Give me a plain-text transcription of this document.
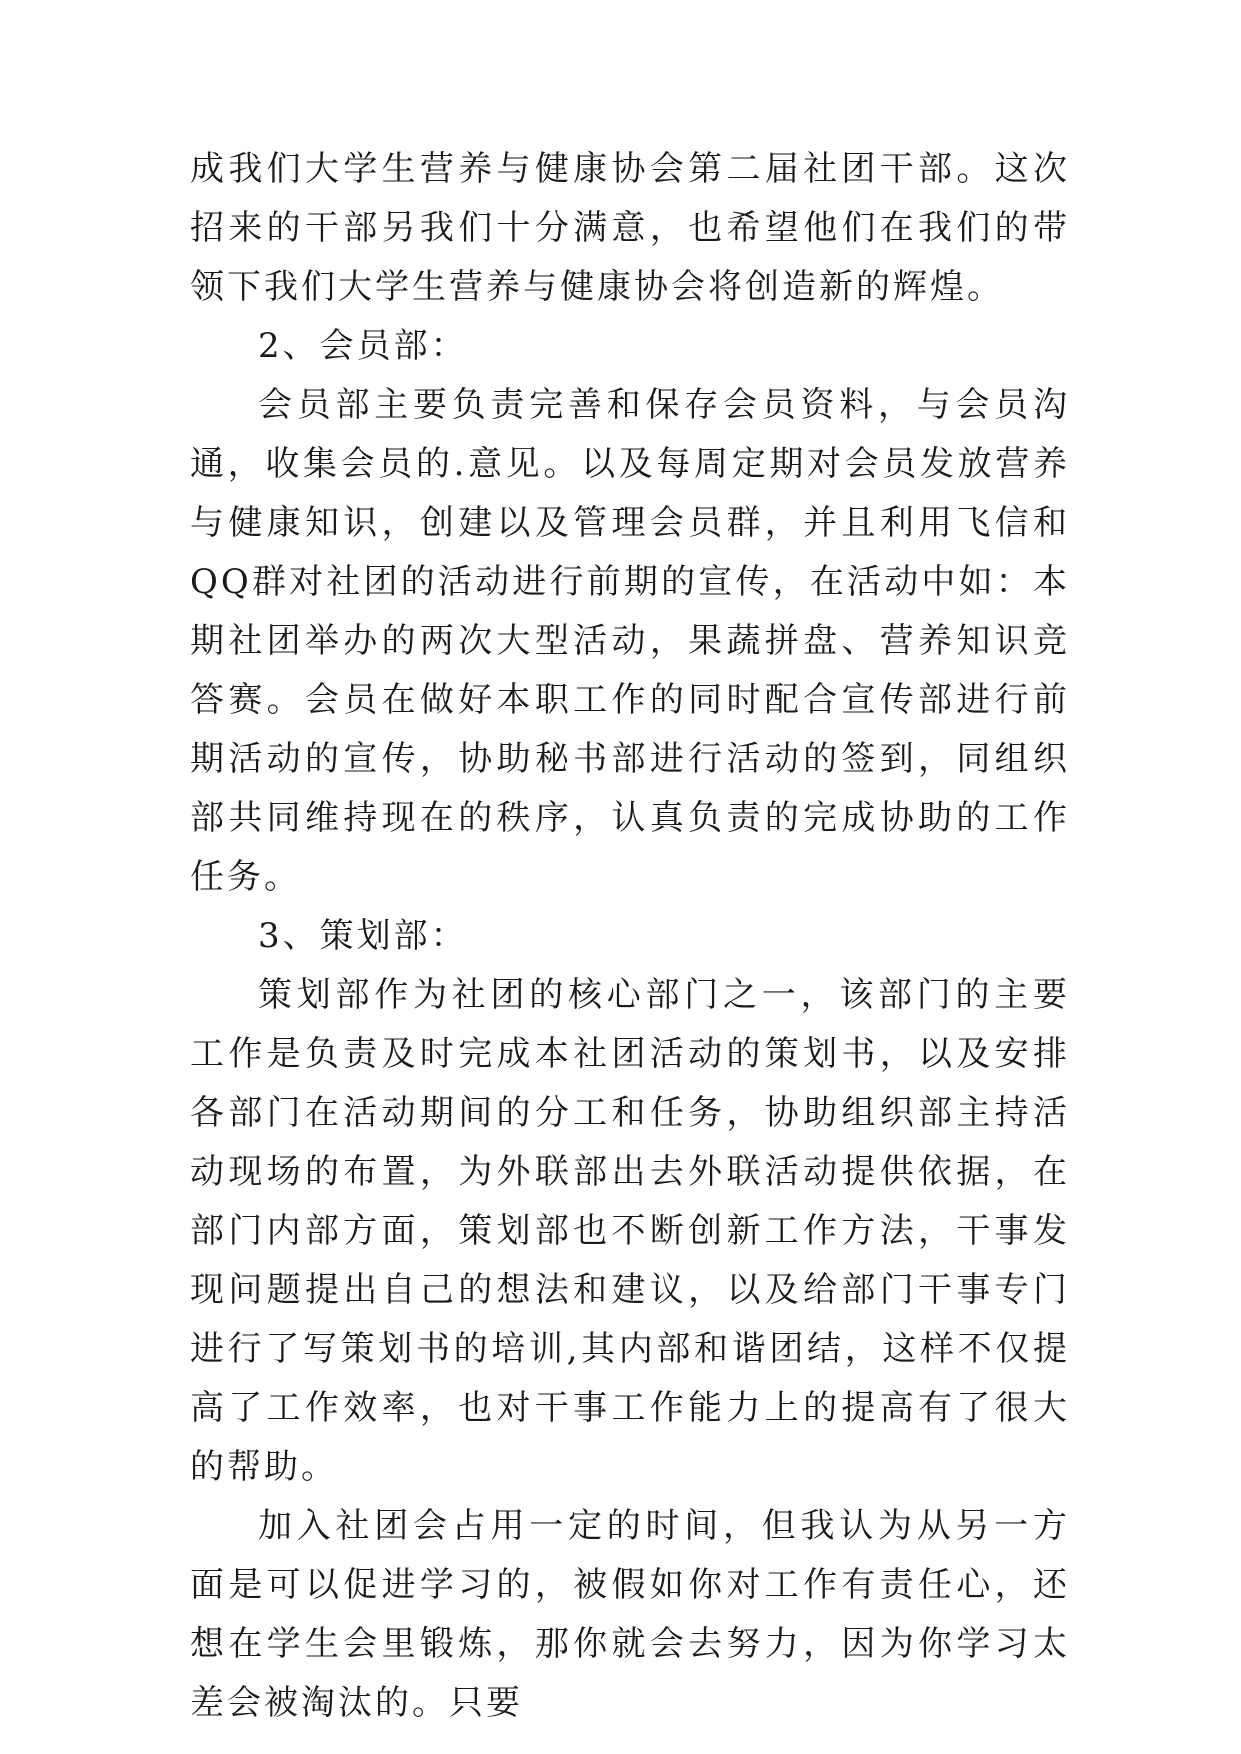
成我们大学生营养与健康协会第二届社团干部。这次招来的干部另我们十分满意，也希望他们在我们的带领下我们大学生营养与健康协会将创造新的辉煌。

2、会员部：

会员部主要负责完善和保存会员资料，与会员沟通，收集会员的.意见。以及每周定期对会员发放营养与健康知识，创建以及管理会员群，并且利用飞信和QQ群对社团的活动进行前期的宣传，在活动中如：本期社团举办的两次大型活动，果蔬拼盘、营养知识竞答赛。会员在做好本职工作的同时配合宣传部进行前期活动的宣传，协助秘书部进行活动的签到，同组织部共同维持现在的秩序，认真负责的完成协助的工作任务。

3、策划部：

策划部作为社团的核心部门之一，该部门的主要工作是负责及时完成本社团活动的策划书，以及安排各部门在活动期间的分工和任务，协助组织部主持活动现场的布置，为外联部出去外联活动提供依据，在部门内部方面，策划部也不断创新工作方法，干事发现问题提出自己的想法和建议，以及给部门干事专门进行了写策划书的培训,其内部和谐团结，这样不仅提高了工作效率，也对干事工作能力上的提高有了很大的帮助。

加入社团会占用一定的时间，但我认为从另一方面是可以促进学习的，被假如你对工作有责任心，还想在学生会里锻炼，那你就会去努力，因为你学习太差会被淘汰的。只要
